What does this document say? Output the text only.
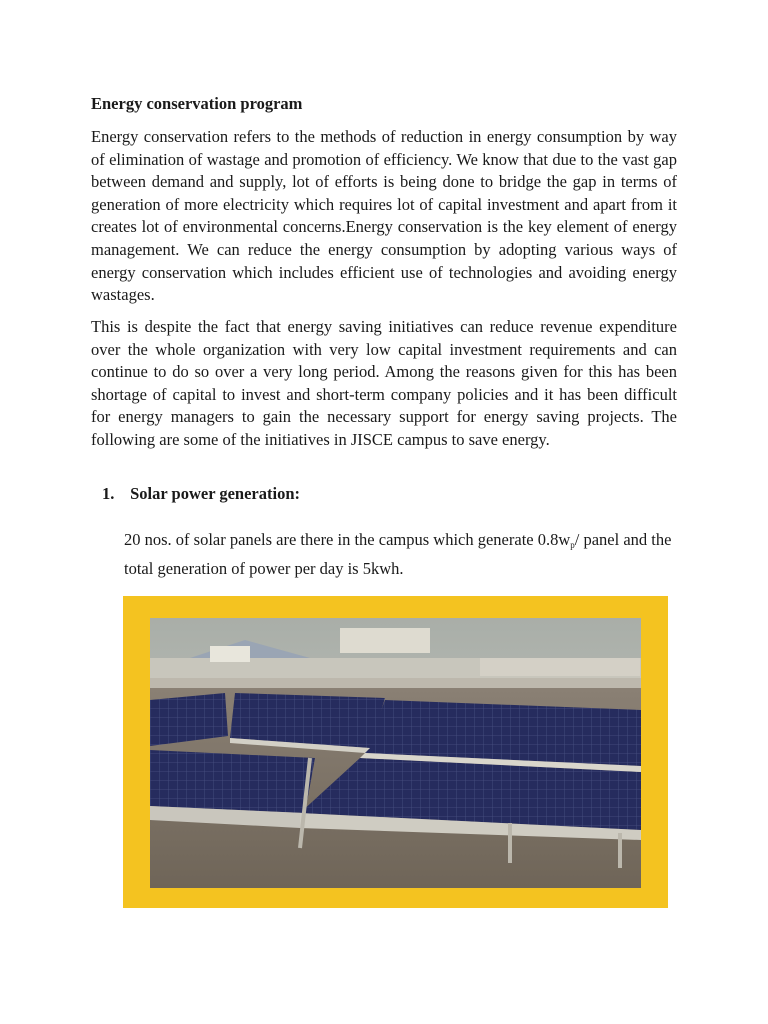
Energy conservation program

Energy conservation refers to the methods of reduction in energy consumption by way of elimination of wastage and promotion of efficiency. We know that due to the vast gap between demand and supply, lot of efforts is being done to bridge the gap in terms of generation of more electricity which requires lot of capital investment and apart from it creates lot of environmental concerns.Energy conservation is the key element of energy management. We can reduce the energy consumption by adopting various ways of energy conservation which includes efficient use of technologies and avoiding energy wastages.

This is despite the fact that energy saving initiatives can reduce revenue expenditure over the whole organization with very low capital investment requirements and can continue to do so over a very long period. Among the reasons given for this has been shortage of capital to invest and short-term company policies and it has been difficult for energy managers to gain the necessary support for energy saving projects. The following are some of the initiatives in JISCE campus to save energy.

1. Solar power generation:

20 nos. of solar panels are there in the campus which generate $0.8w_p/$ panel and the total generation of power per day is 5kwh.
